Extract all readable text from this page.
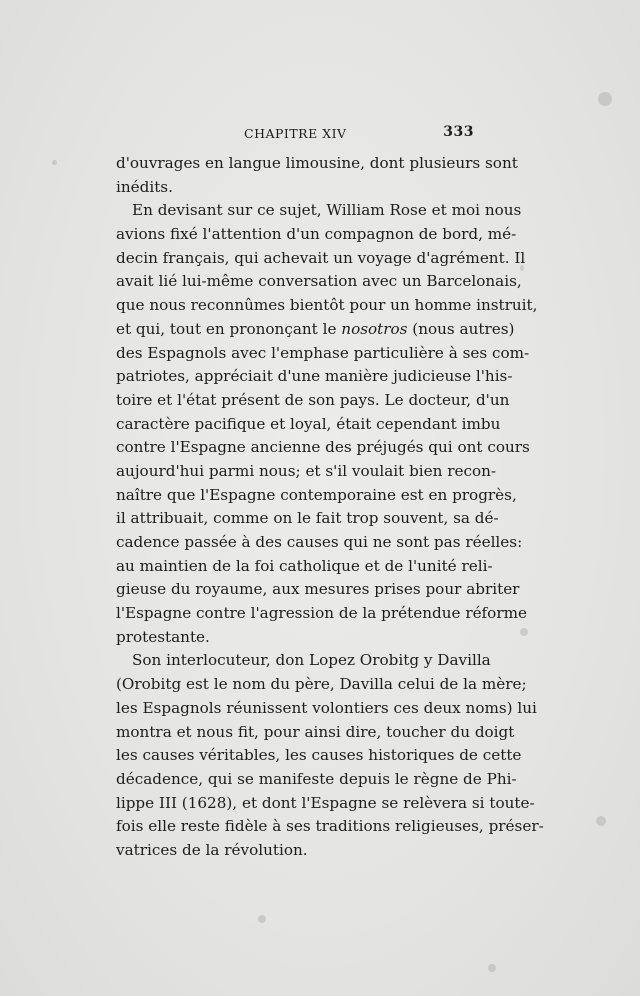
CHAPITRE XIV	333
d'ouvrages en langue limousine, dont plusieurs sont
inédits.
En devisant sur ce sujet, William Rose et moi nous
avions fixé l'attention d'un compagnon de bord, mé-
decin français, qui achevait un voyage d'agrément. Il
avait lié lui-même conversation avec un Barcelonais,
que nous reconnûmes bientôt pour un homme instruit,
et qui, tout en prononçant le nosotros (nous autres)
des Espagnols avec l'emphase particulière à ses com-
patriotes, appréciait d'une manière judicieuse l'his-
toire et l'état présent de son pays. Le docteur, d'un
caractère pacifique et loyal, était cependant imbu
contre l'Espagne ancienne des préjugés qui ont cours
aujourd'hui parmi nous; et s'il voulait bien recon-
naître que l'Espagne contemporaine est en progrès,
il attribuait, comme on le fait trop souvent, sa dé-
cadence passée à des causes qui ne sont pas réelles:
au maintien de la foi catholique et de l'unité reli-
gieuse du royaume, aux mesures prises pour abriter
l'Espagne contre l'agression de la prétendue réforme
protestante.
Son interlocuteur, don Lopez Orobitg y Davilla
(Orobitg est le nom du père, Davilla celui de la mère;
les Espagnols réunissent volontiers ces deux noms) lui
montra et nous fit, pour ainsi dire, toucher du doigt
les causes véritables, les causes historiques de cette
décadence, qui se manifeste depuis le règne de Phi-
lippe III (1628), et dont l'Espagne se relèvera si toute-
fois elle reste fidèle à ses traditions religieuses, préser-
vatrices de la révolution.
